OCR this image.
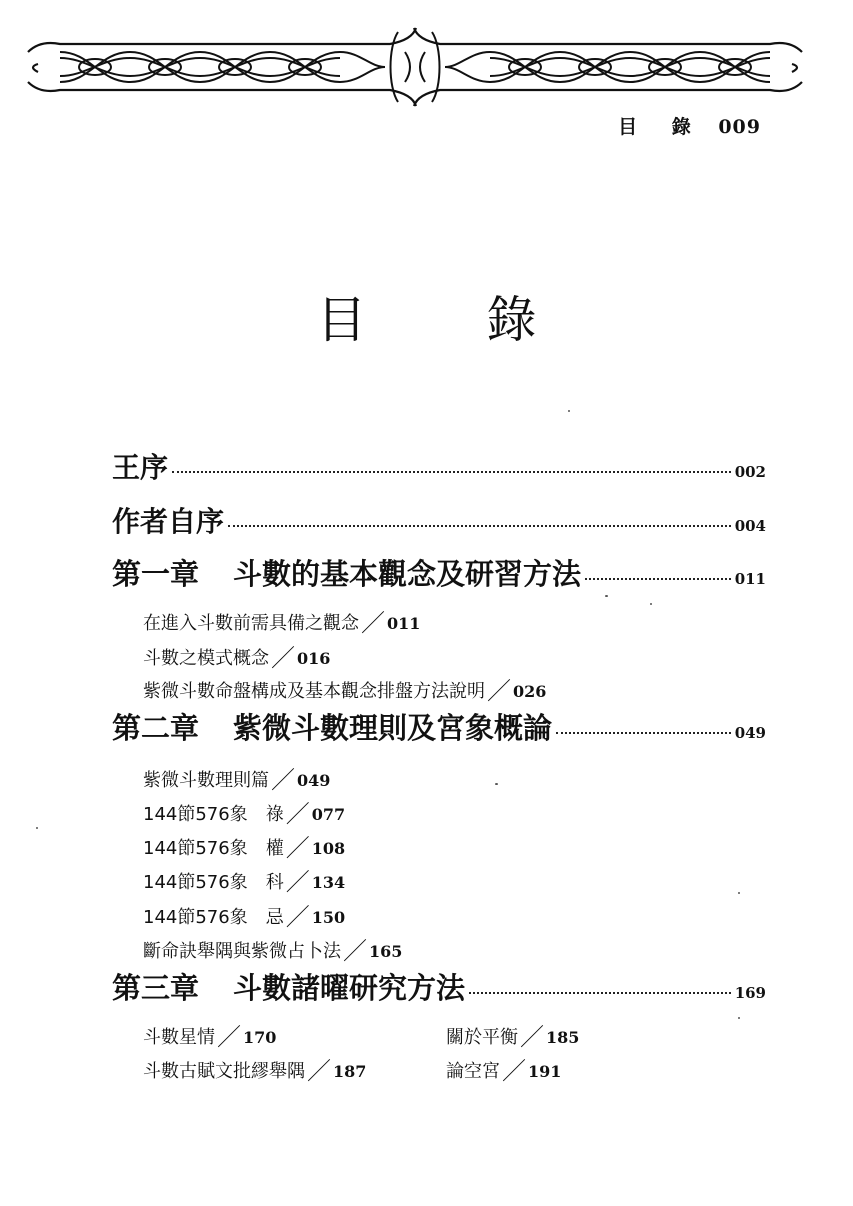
目 錄 009
目 錄
王序	002
作者自序	004
第一章 斗數的基本觀念及研習方法	011
在進入斗數前需具備之觀念／ 011
斗數之模式概念／ 016
紫微斗數命盤構成及基本觀念排盤方法說明／ 026
第二章 紫微斗數理則及宮象概論	049
紫微斗數理則篇／ 049
144節576象　祿／ 077
144節576象　權／ 108
144節576象　科／ 134
144節576象　忌／ 150
斷命訣舉隅與紫微占卜法／ 165
第三章 斗數諸曜研究方法	169
斗數星情／ 170	關於平衡／ 185
斗數古賦文批繆舉隅／ 187	論空宮／ 191
